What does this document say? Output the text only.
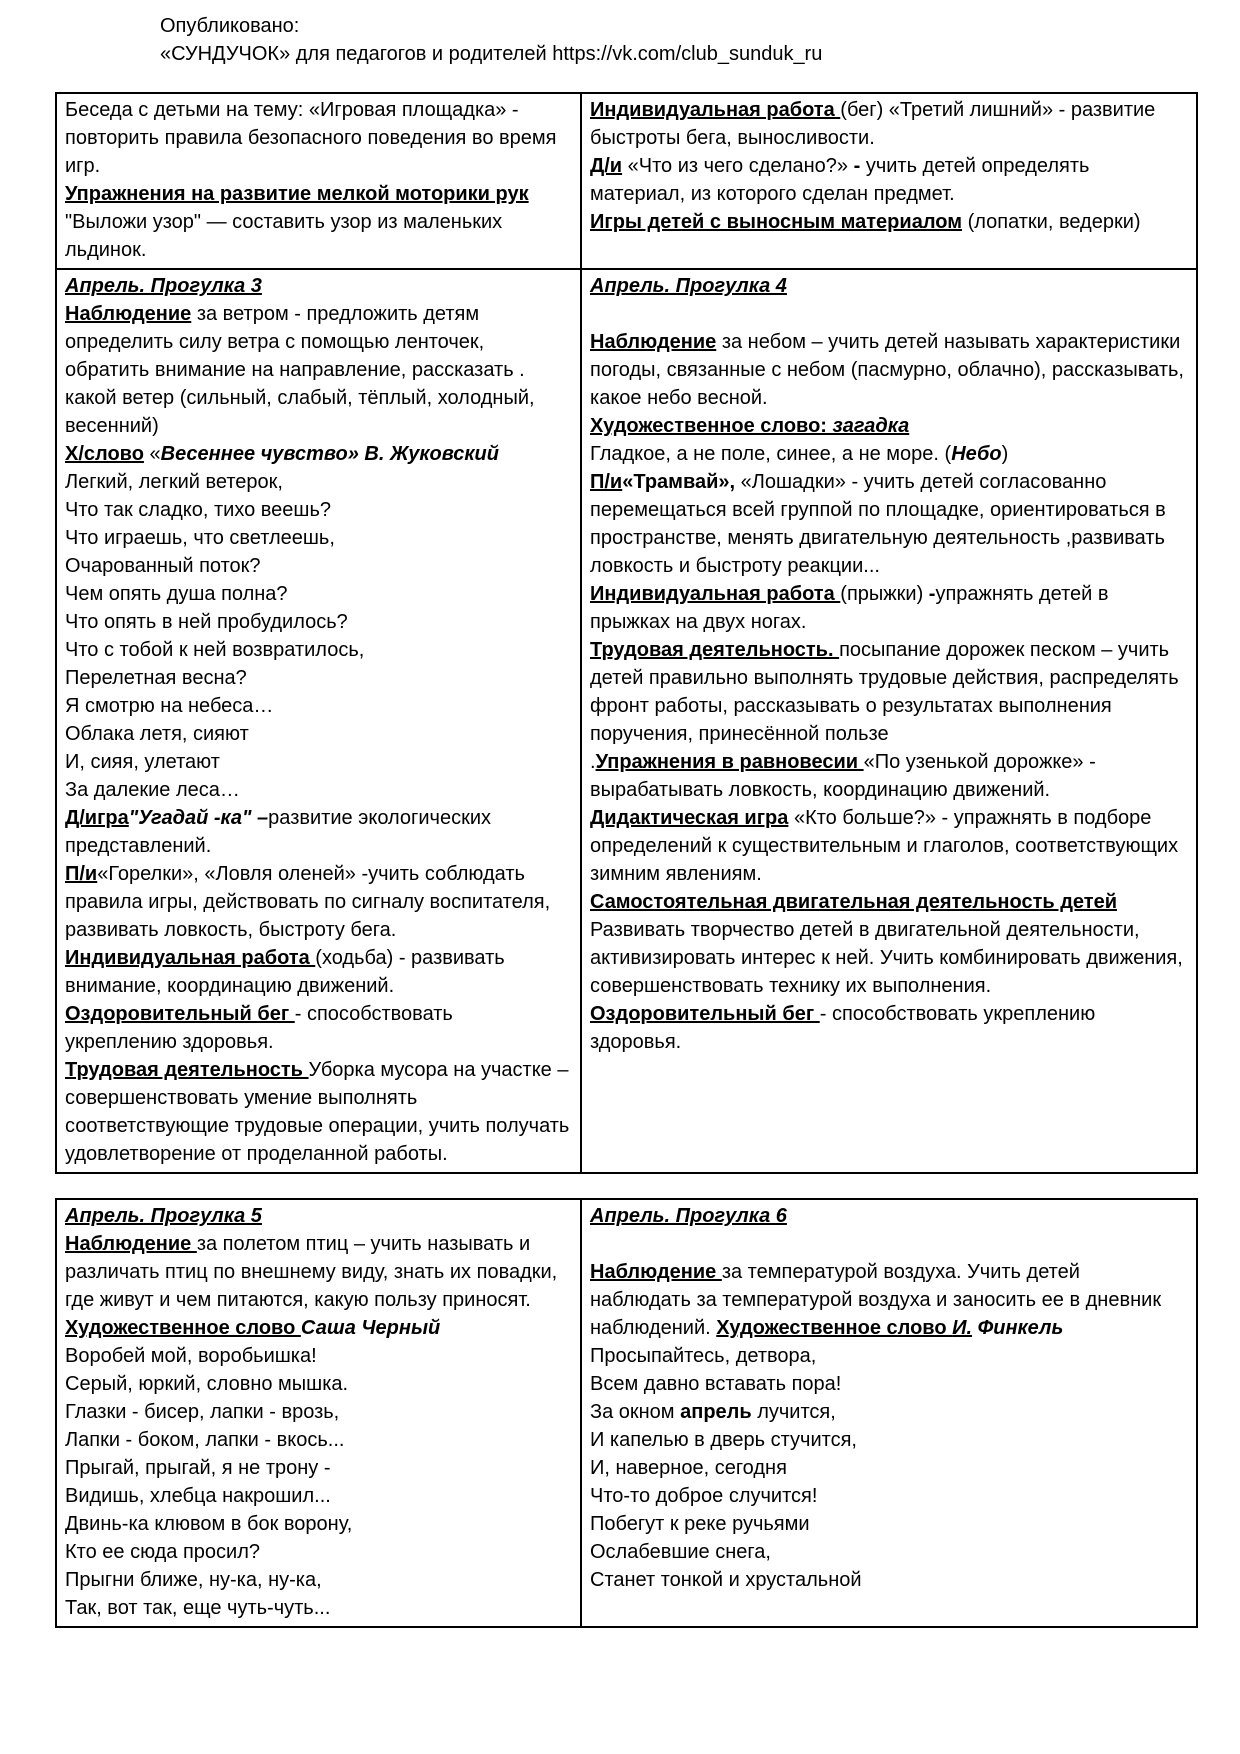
Опубликовано:
«СУНДУЧОК» для педагогов и родителей https://vk.com/club_sunduk_ru

Беседа с детьми на тему: «Игровая площадка» - повторить правила безопасного поведения во время игр.

Упражнения на развитие мелкой моторики рук

"Выложи узор" — составить узор из маленьких льдинок.

Индивидуальная работа (бег) «Третий лишний» - развитие быстроты бега, выносливости.

Д/и «Что из чего сделано?» - учить детей определять материал, из которого сделан предмет.

Игры детей с выносным материалом (лопатки, ведерки)

Апрель. Прогулка 3

Наблюдение за ветром - предложить детям определить силу ветра с помощью ленточек, обратить внимание на направление, рассказать . какой ветер (сильный, слабый, тёплый, холодный, весенний)

Х/слово «Весеннее чувство» В. Жуковский

Легкий, легкий ветерок,

Что так сладко, тихо веешь?

Что играешь, что светлеешь,

Очарованный поток?

Чем опять душа полна?

Что опять в ней пробудилось?

Что с тобой к ней возвратилось,

Перелетная весна?

Я смотрю на небеса…

Облака летя, сияют

И, сияя, улетают

За далекие леса…

Д/игра"Угадай -ка" –развитие экологических представлений.

П/и«Горелки», «Ловля оленей» -учить соблюдать правила игры, действовать по сигналу воспитателя, развивать ловкость, быстроту бега.

Индивидуальная работа (ходьба) - развивать внимание, координацию движений.

Оздоровительный бег - способствовать укреплению здоровья.

Трудовая деятельность Уборка мусора на участке – совершенствовать умение выполнять соответствующие трудовые операции, учить получать удовлетворение от проделанной работы.

Апрель. Прогулка 4

Наблюдение за небом – учить детей называть характеристики погоды, связанные с небом (пасмурно, облачно), рассказывать, какое небо весной.

Художественное слово: загадка

Гладкое, а не поле, синее, а не море. (Небо)

П/и«Трамвай», «Лошадки» - учить детей согласованно перемещаться всей группой по площадке, ориентироваться в пространстве, менять двигательную деятельность ,развивать ловкость и быстроту реакции...

Индивидуальная работа (прыжки) -упражнять детей в прыжках на двух ногах.

Трудовая деятельность. посыпание дорожек песком – учить детей правильно выполнять трудовые действия, распределять фронт работы, рассказывать о результатах выполнения поручения, принесённой пользе

.Упражнения в равновесии «По узенькой дорожке» - вырабатывать ловкость, координацию движений.

Дидактическая игра «Кто больше?» - упражнять в подборе определений к существительным и глаголов, соответствующих зимним явлениям.

Самостоятельная двигательная деятельность детей Развивать творчество детей в двигательной деятельности, активизировать интерес к ней. Учить комбинировать движения, совершенствовать технику их выполнения.

Оздоровительный бег - способствовать укреплению здоровья.

Апрель. Прогулка 5

Наблюдение за полетом птиц – учить называть и различать птиц по внешнему виду, знать их повадки, где живут и чем питаются, какую пользу приносят.

Художественное слово Саша Черный

Воробей мой, воробьишка!

Серый, юркий, словно мышка.

Глазки - бисер, лапки - врозь,

Лапки - боком, лапки - вкось...

Прыгай, прыгай, я не трону -

Видишь, хлебца накрошил...

Двинь-ка клювом в бок ворону,

Кто ее сюда просил?

Прыгни ближе, ну-ка, ну-ка,

Так, вот так, еще чуть-чуть...

Апрель. Прогулка 6

Наблюдение за температурой воздуха. Учить детей наблюдать за температурой воздуха и заносить ее в дневник наблюдений. Художественное слово И. Финкель

Просыпайтесь, детвора,

Всем давно вставать пора!

За окном апрель лучится,

И капелью в дверь стучится,

И, наверное, сегодня

Что-то доброе случится!

Побегут к реке ручьями

Ослабевшие снега,

Станет тонкой и хрустальной
